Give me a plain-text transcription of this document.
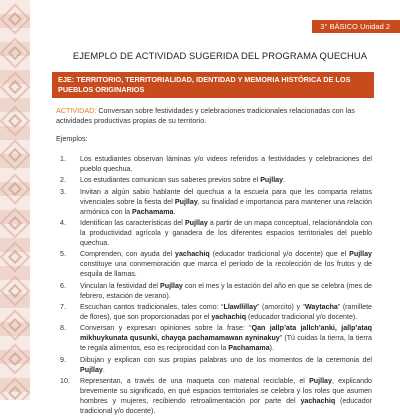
3° BÁSICO Unidad 2
EJEMPLO DE ACTIVIDAD SUGERIDA DEL PROGRAMA QUECHUA
EJE: TERRITORIO, TERRITORIALIDAD, IDENTIDAD Y MEMORIA HISTÓRICA DE LOS PUEBLOS ORIGINARIOS
ACTIVIDAD: Conversan sobre festividades y celebraciones tradicionales relacionadas con las actividades productivas propias de su territorio.
Ejemplos:
1. Los estudiantes observan láminas y/o videos referidos a festividades y celebraciones del pueblo quechua.
2. Los estudiantes comunican sus saberes previos sobre el Pujllay.
3. Invitan a algún sabio hablante del quechua a la escuela para que les comparta relatos vivenciales sobre la fiesta del Pujllay, su finalidad e importancia para mantener una relación armónica con la Pachamama.
4. Identifican las características del Pujllay a partir de un mapa conceptual, relacionándola con la productividad agrícola y ganadera de los diferentes espacios territoriales del pueblo quechua.
5. Comprenden, con ayuda del yachachiq (educador tradicional y/o docente) que el Pujllay constituye una conmemoración que marca el período de la recolección de los frutos y de esquila de llamas.
6. Vinculan la festividad del Pujllay con el mes y la estación del año en que se celebra (mes de febrero, estación de verano).
7. Escuchan cantos tradicionales, tales como: “Llawllillay” (amorcito) y “Waytacha” (ramillete de flores), que son proporcionadas por el yachachiq (educador tradicional y/o docente).
8. Conversan y expresan opiniones sobre la frase: “Qan jallp’ata jallch’anki, jallp’ataq mikhuykunata qusunki, chayqa pachamamawan ayninakuy” (Tú cuidas la tierra, la tierra te regala alimentos, eso es reciprocidad con la Pachamama).
9. Dibujan y explican con sus propias palabras uno de los momentos de la ceremonia del Pujllay.
10. Representan, a través de una maqueta con material reciclable, el Pujllay, explicando brevemente su significado, en qué espacios territoriales se celebra y los roles que asumen hombres y mujeres, recibiendo retroalimentación por parte del yachachiq (educador tradicional y/o docente).
